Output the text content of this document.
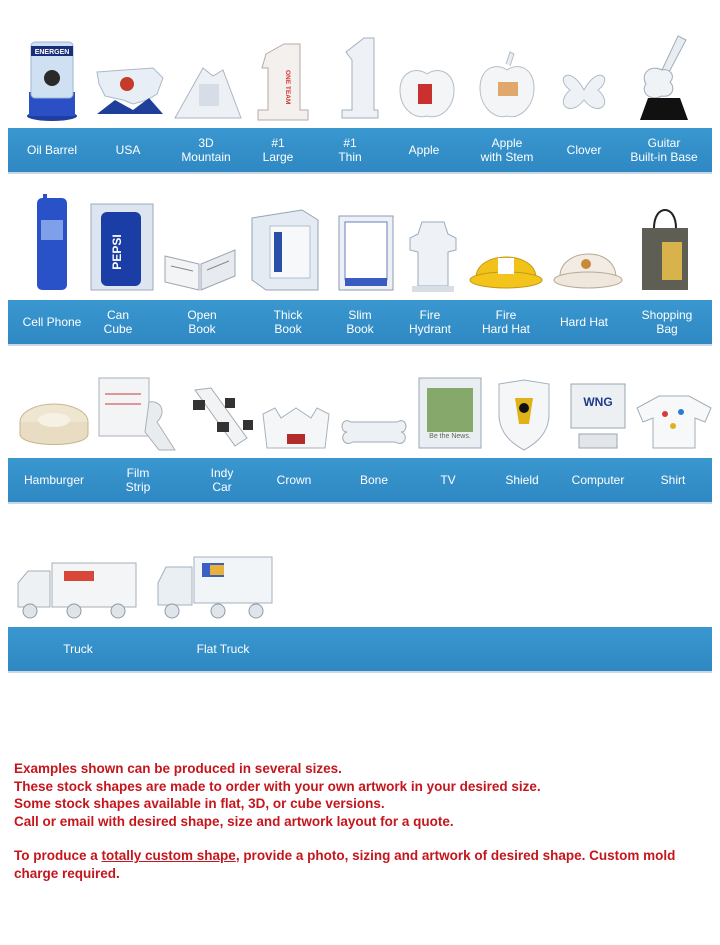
ENERGEN
ONE TEAM
Oil Barrel	USA	3D
Mountain
#1
Large
#1
Thin	Apple	Apple
with Stem	Clover	Guitar
Built-in Base
PEPSI
Cell Phone	Can
Cube
Open
Book
Thick
Book
Slim
Book
Fire
Hydrant
Fire
Hard Hat	Hard Hat	Shopping
Bag
Be the News.
WNG
Hamburger	Film
Strip
Indy
Car	Crown	Bone	TV	Shield	Computer	Shirt
Truck	Flat Truck

Examples shown can be produced in several sizes.

These stock shapes are made to order with your own artwork in your desired size.

Some stock shapes available in flat, 3D, or cube versions.

Call or email with desired shape, size and artwork layout for a quote.

To produce a totally custom shape, provide a photo, sizing and artwork of desired shape. Custom mold charge required.
